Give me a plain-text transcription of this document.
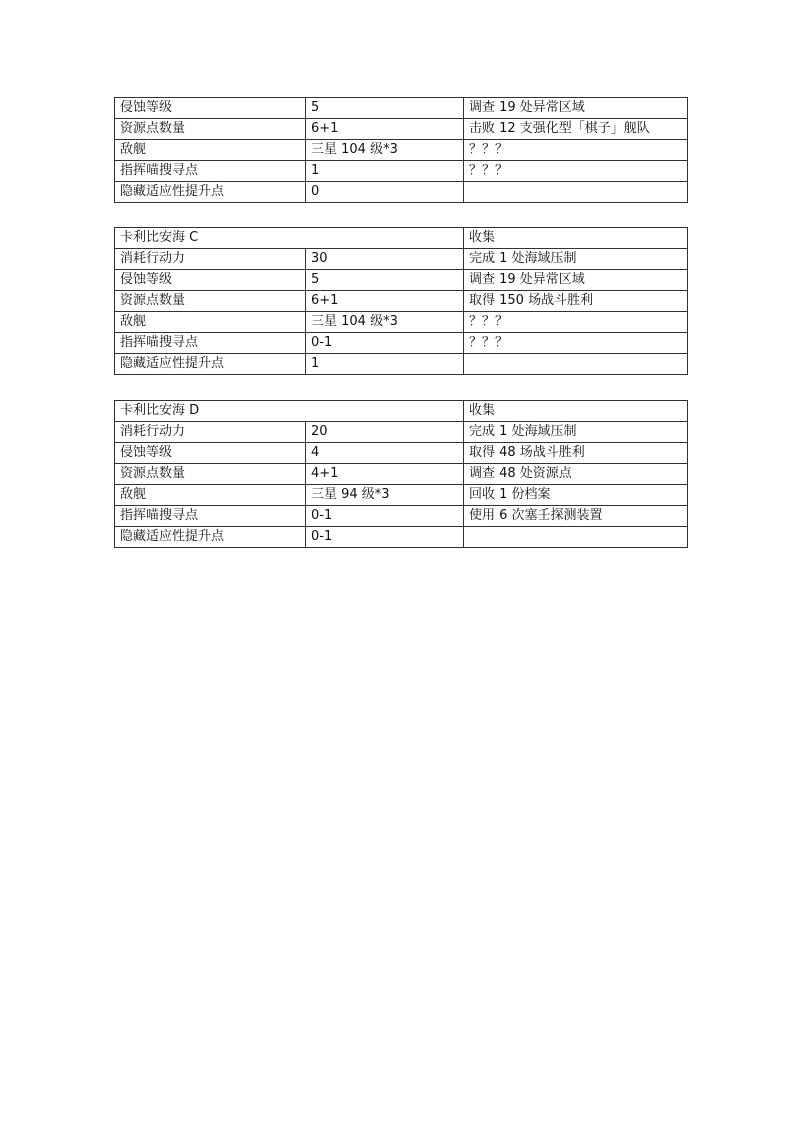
侵蚀等级	5	调查 19 处异常区域
资源点数量	6+1	击败 12 支强化型「棋子」舰队
敌舰	三星 104 级*3	？？？
指挥喵搜寻点	1	？？？
隐藏适应性提升点	0	
卡利比安海 C		收集
消耗行动力	30	完成 1 处海域压制
侵蚀等级	5	调查 19 处异常区域
资源点数量	6+1	取得 150 场战斗胜利
敌舰	三星 104 级*3	？？？
指挥喵搜寻点	0-1	？？？
隐藏适应性提升点	1	
卡利比安海 D		收集
消耗行动力	20	完成 1 处海域压制
侵蚀等级	4	取得 48 场战斗胜利
资源点数量	4+1	调查 48 处资源点
敌舰	三星 94 级*3	回收 1 份档案
指挥喵搜寻点	0-1	使用 6 次塞壬探测装置
隐藏适应性提升点	0-1	
